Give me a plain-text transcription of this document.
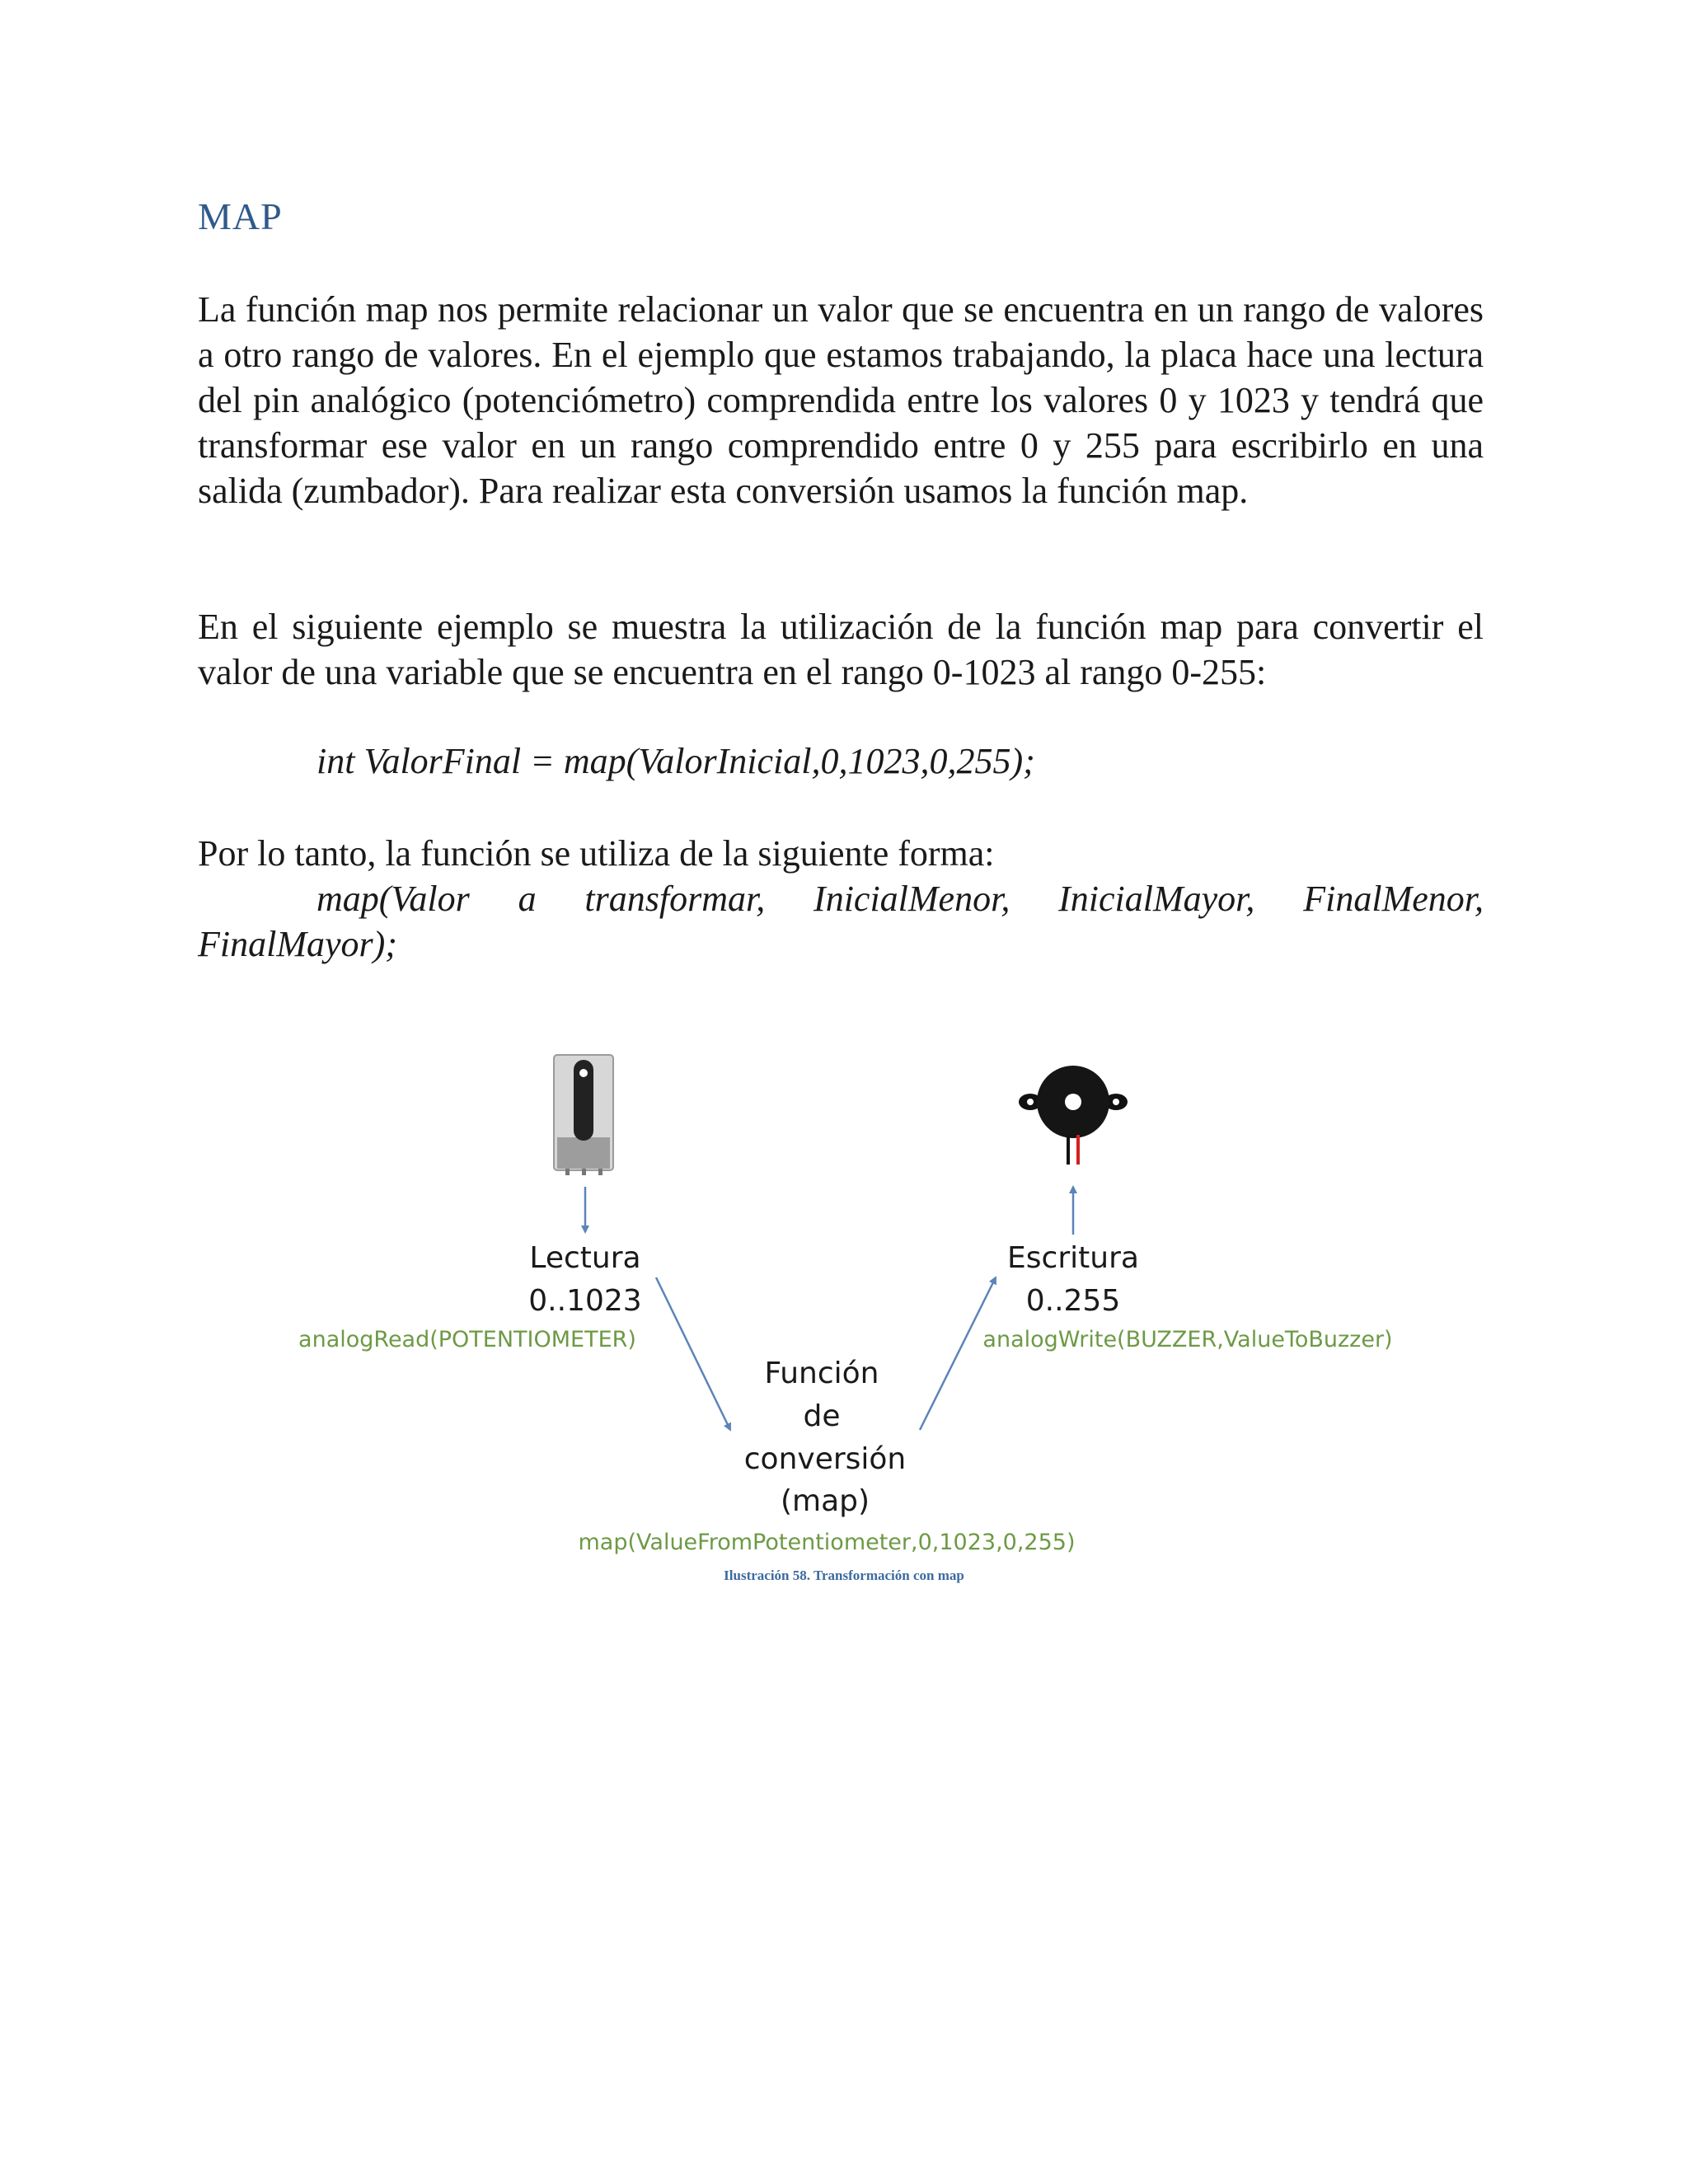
MAP

La función map nos permite relacionar un valor que se encuentra en un rango de valores a otro rango de valores. En el ejemplo que estamos trabajando, la placa hace una lectura del pin analógico (potenciómetro) comprendida entre los valores 0 y 1023 y tendrá que transformar ese valor en un rango comprendido entre 0 y 255 para escribirlo en una salida (zumbador). Para realizar esta conversión usamos la función map.

En el siguiente ejemplo se muestra la utilización de la función map para convertir el valor de una variable que se encuentra en el rango 0-1023 al rango 0-255:

int ValorFinal = map(ValorInicial,0,1023,0,255);

Por lo tanto, la función se utiliza de la siguiente forma:

map(Valor a transformar, InicialMenor, InicialMayor, FinalMenor,

FinalMayor);

Lectura
0..1023
analogRead(POTENTIOMETER)
Escritura
0..255
analogWrite(BUZZER,ValueToBuzzer)
Función
de
conversión
(map)
map(ValueFromPotentiometer,0,1023,0,255)

Ilustración 58. Transformación con map
